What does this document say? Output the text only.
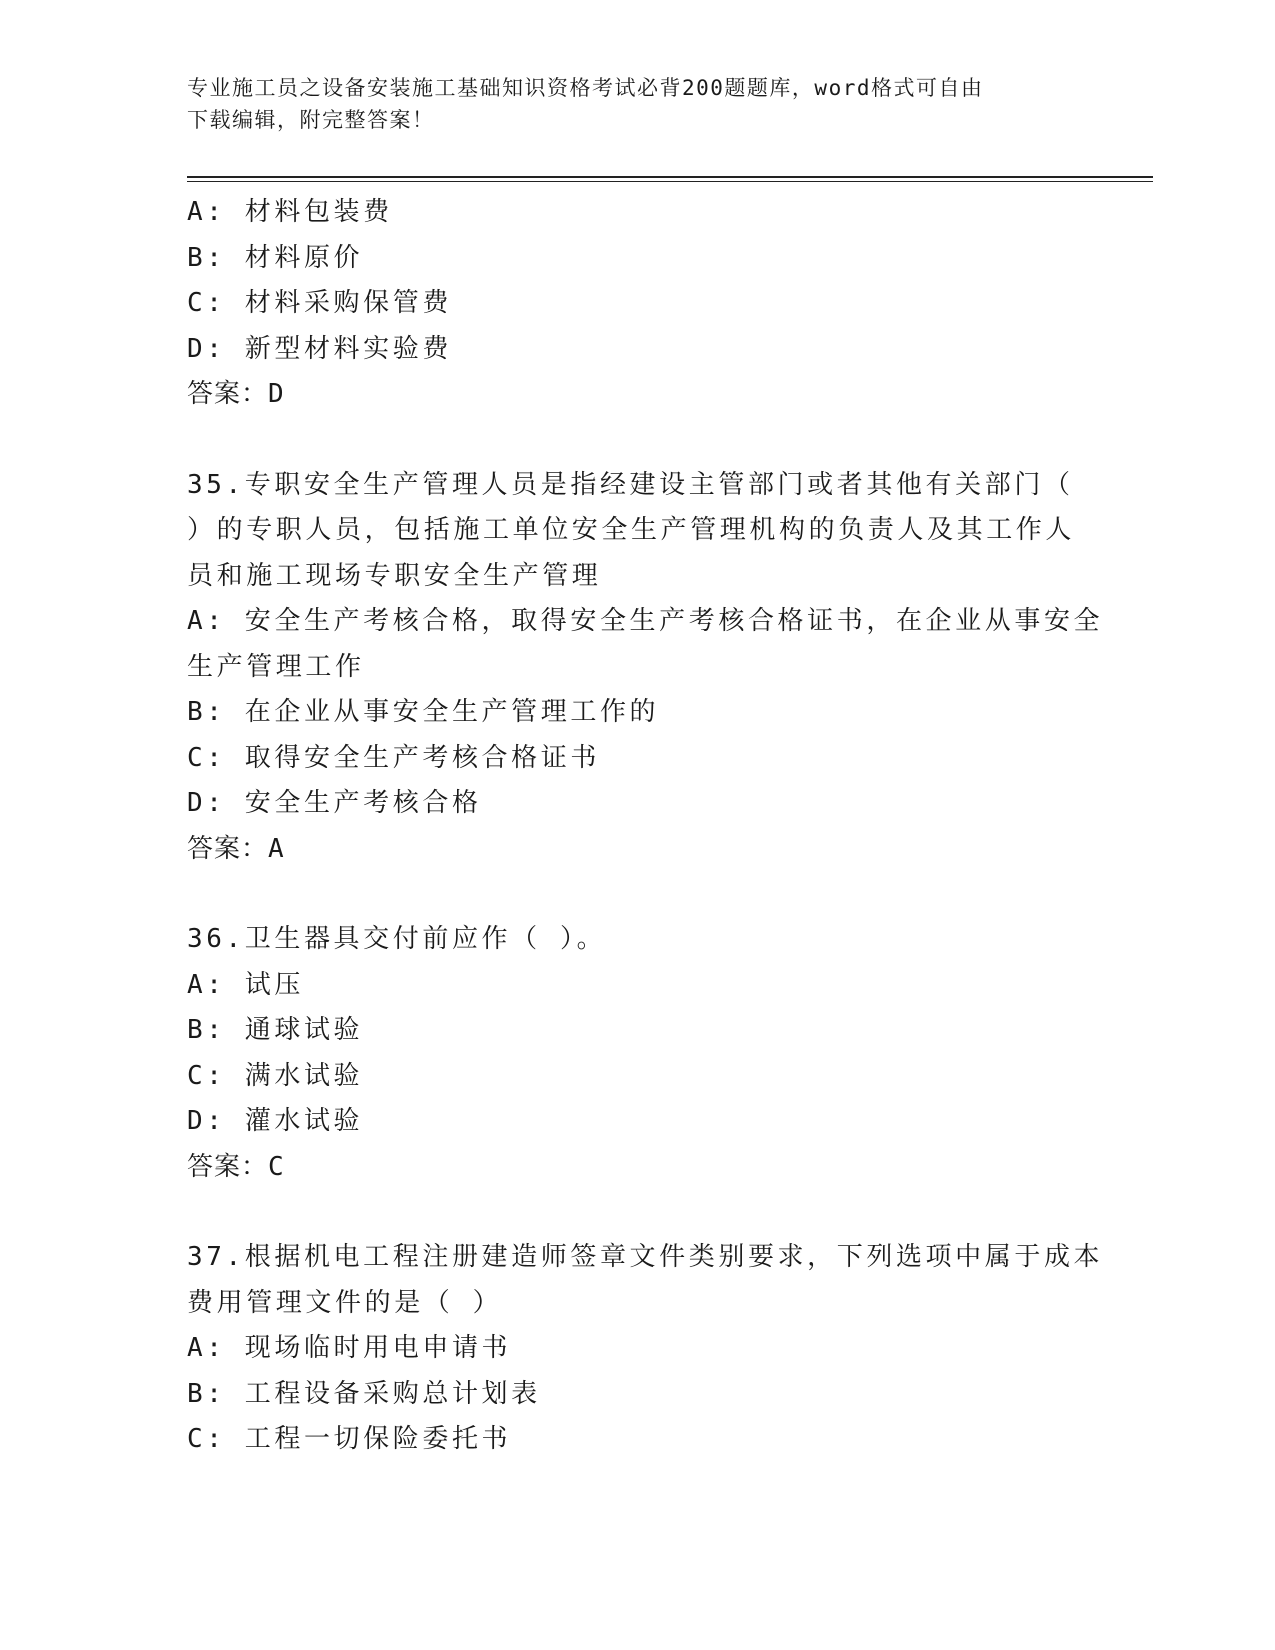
专业施工员之设备安装施工基础知识资格考试必背200题题库，word格式可自由
下载编辑，附完整答案！
A: 材料包装费
B: 材料原价
C: 材料采购保管费
D: 新型材料实验费
答案：D
35.专职安全生产管理人员是指经建设主管部门或者其他有关部门（
）的专职人员，包括施工单位安全生产管理机构的负责人及其工作人
员和施工现场专职安全生产管理
A: 安全生产考核合格，取得安全生产考核合格证书，在企业从事安全
生产管理工作
B: 在企业从事安全生产管理工作的
C: 取得安全生产考核合格证书
D: 安全生产考核合格
答案：A
36.卫生器具交付前应作（ ）。
A: 试压
B: 通球试验
C: 满水试验
D: 灌水试验
答案：C
37.根据机电工程注册建造师签章文件类别要求，下列选项中属于成本
费用管理文件的是（ ）
A: 现场临时用电申请书
B: 工程设备采购总计划表
C: 工程一切保险委托书
